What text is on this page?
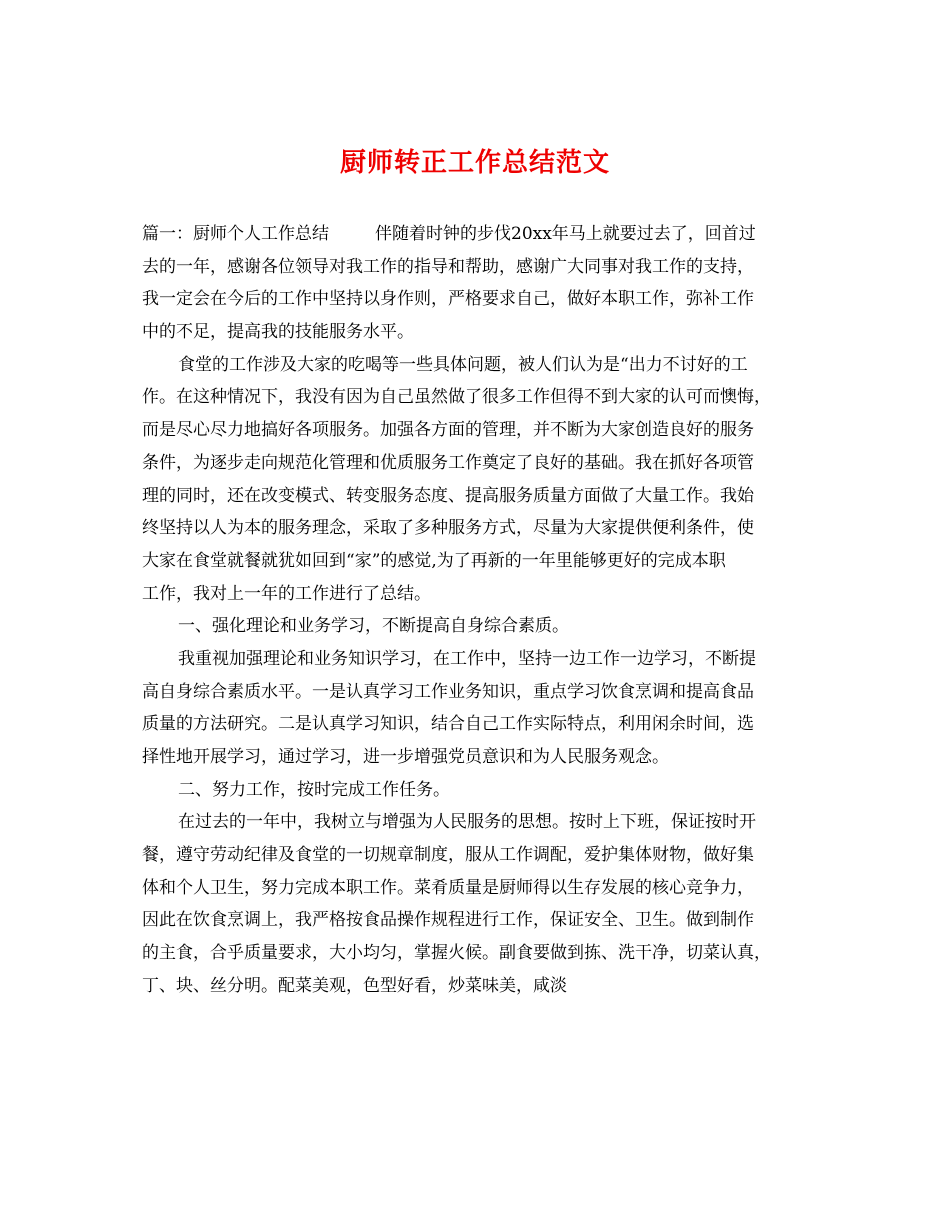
厨师转正工作总结范文
篇一：厨师个人工作总结	伴随着时钟的步伐20xx年马上就要过去了，回首过
去的一年，感谢各位领导对我工作的指导和帮助，感谢广大同事对我工作的支持，
我一定会在今后的工作中坚持以身作则，严格要求自己，做好本职工作，弥补工作
中的不足，提高我的技能服务水平。
食堂的工作涉及大家的吃喝等一些具体问题，被人们认为是“出力不讨好的工
作。在这种情况下，我没有因为自己虽然做了很多工作但得不到大家的认可而懊悔，
而是尽心尽力地搞好各项服务。加强各方面的管理，并不断为大家创造良好的服务
条件，为逐步走向规范化管理和优质服务工作奠定了良好的基础。我在抓好各项管
理的同时，还在改变模式、转变服务态度、提高服务质量方面做了大量工作。我始
终坚持以人为本的服务理念，采取了多种服务方式，尽量为大家提供便利条件，使
大家在食堂就餐就犹如回到“家”的感觉,为了再新的一年里能够更好的完成本职
工作，我对上一年的工作进行了总结。
一、强化理论和业务学习，不断提高自身综合素质。
我重视加强理论和业务知识学习，在工作中，坚持一边工作一边学习，不断提
高自身综合素质水平。一是认真学习工作业务知识，重点学习饮食烹调和提高食品
质量的方法研究。二是认真学习知识，结合自己工作实际特点，利用闲余时间，选
择性地开展学习，通过学习，进一步增强党员意识和为人民服务观念。
二、努力工作，按时完成工作任务。
在过去的一年中，我树立与增强为人民服务的思想。按时上下班，保证按时开
餐，遵守劳动纪律及食堂的一切规章制度，服从工作调配，爱护集体财物，做好集
体和个人卫生，努力完成本职工作。菜肴质量是厨师得以生存发展的核心竞争力，
因此在饮食烹调上，我严格按食品操作规程进行工作，保证安全、卫生。做到制作
的主食，合乎质量要求，大小均匀，掌握火候。副食要做到拣、洗干净，切菜认真，
丁、块、丝分明。配菜美观，色型好看，炒菜味美，咸淡
